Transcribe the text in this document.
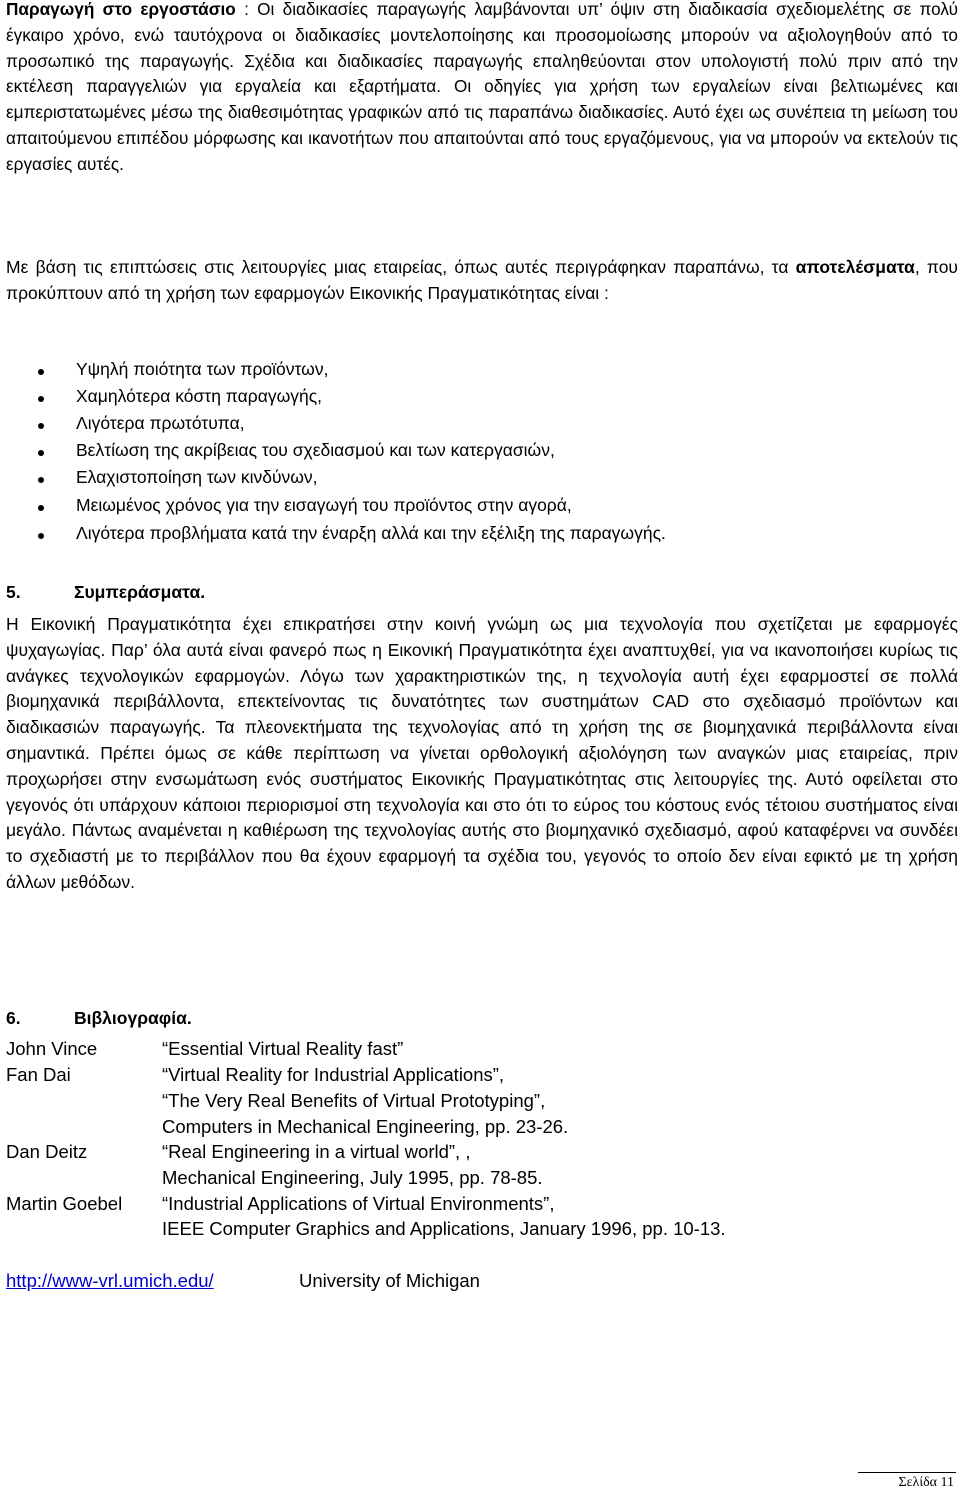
Παραγωγή στο εργοστάσιο : Οι διαδικασίες παραγωγής λαμβάνονται υπ’ όψιν στη διαδικασία σχεδιομελέτης σε πολύ έγκαιρο χρόνο, ενώ ταυτόχρονα οι διαδικασίες μοντελοποίησης και προσομοίωσης μπορούν να αξιολογηθούν από το προσωπικό της παραγωγής. Σχέδια και διαδικασίες παραγωγής επαληθεύονται στον υπολογιστή πολύ πριν από την εκτέλεση παραγγελιών για εργαλεία και εξαρτήματα. Οι οδηγίες για χρήση των εργαλείων είναι βελτιωμένες και εμπεριστατωμένες μέσω της διαθεσιμότητας γραφικών από τις παραπάνω διαδικασίες. Αυτό έχει ως συνέπεια τη μείωση του απαιτούμενου επιπέδου μόρφωσης και ικανοτήτων που απαιτούνται από τους εργαζόμενους, για να μπορούν να εκτελούν τις εργασίες αυτές.

Με βάση τις επιπτώσεις στις λειτουργίες μιας εταιρείας, όπως αυτές περιγράφηκαν παραπάνω, τα αποτελέσματα, που προκύπτουν από τη χρήση των εφαρμογών Εικονικής Πραγματικότητας είναι :

Υψηλή ποιότητα των προϊόντων,
Χαμηλότερα κόστη παραγωγής,
Λιγότερα πρωτότυπα,
Βελτίωση της ακρίβειας του σχεδιασμού και των κατεργασιών,
Ελαχιστοποίηση των κινδύνων,
Μειωμένος χρόνος για την εισαγωγή του προϊόντος στην αγορά,
Λιγότερα προβλήματα κατά την έναρξη αλλά και την εξέλιξη της παραγωγής.
5.	Συμπεράσματα.

Η Εικονική Πραγματικότητα έχει επικρατήσει στην κοινή γνώμη ως μια τεχνολογία που σχετίζεται με εφαρμογές ψυχαγωγίας. Παρ’ όλα αυτά είναι φανερό πως η Εικονική Πραγματικότητα έχει αναπτυχθεί, για να ικανοποιήσει κυρίως τις ανάγκες τεχνολογικών εφαρμογών. Λόγω των χαρακτηριστικών της, η τεχνολογία αυτή έχει εφαρμοστεί σε πολλά βιομηχανικά περιβάλλοντα, επεκτείνοντας τις δυνατότητες των συστημάτων CAD στο σχεδιασμό προϊόντων και διαδικασιών παραγωγής. Τα πλεονεκτήματα της τεχνολογίας από τη χρήση της σε βιομηχανικά περιβάλλοντα είναι σημαντικά. Πρέπει όμως σε κάθε περίπτωση να γίνεται ορθολογική αξιολόγηση των αναγκών μιας εταιρείας, πριν προχωρήσει στην ενσωμάτωση ενός συστήματος Εικονικής Πραγματικότητας στις λειτουργίες της. Αυτό οφείλεται στο γεγονός ότι υπάρχουν κάποιοι περιορισμοί στη τεχνολογία και στο ότι το εύρος του κόστους ενός τέτοιου συστήματος είναι μεγάλο. Πάντως αναμένεται η καθιέρωση της τεχνολογίας αυτής στο βιομηχανικό σχεδιασμό, αφού καταφέρνει να συνδέει το σχεδιαστή με το περιβάλλον που θα έχουν εφαρμογή τα σχέδια του, γεγονός το οποίο δεν είναι εφικτό με τη χρήση άλλων μεθόδων.

6.	Βιβλιογραφία.
John Vince	“Essential Virtual Reality fast”
Fan Dai	“Virtual Reality for Industrial Applications”,
“The Very Real Benefits of Virtual Prototyping”,
Computers in Mechanical Engineering, pp. 23-26.
Dan Deitz	“Real Engineering in a virtual world”, ,
Mechanical Engineering, July 1995, pp. 78-85.
Martin Goebel “Industrial Applications of Virtual Environments”,
IEEE Computer Graphics and Applications, January 1996, pp. 10-13.
http://www-vrl.umich.edu/	University of Michigan
Σελίδα 11
